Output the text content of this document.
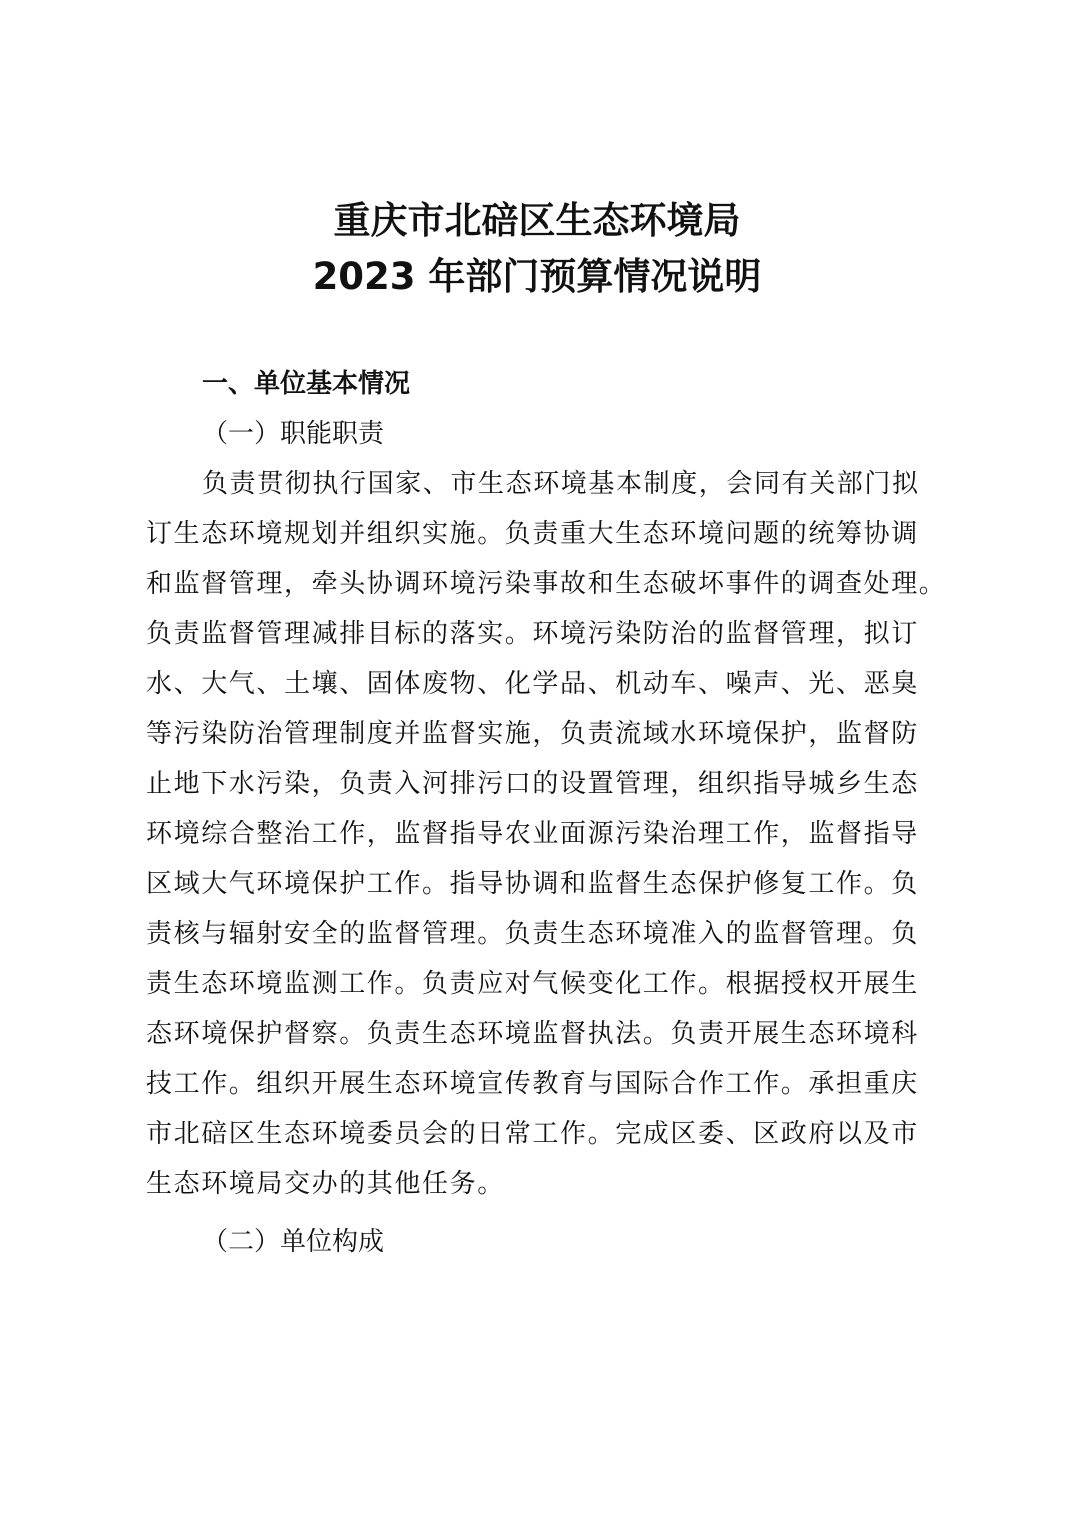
重庆市北碚区生态环境局
2023 年部门预算情况说明
一、单位基本情况
（一）职能职责
负责贯彻执行国家、市生态环境基本制度，会同有关部门拟
订生态环境规划并组织实施。负责重大生态环境问题的统筹协调
和监督管理，牵头协调环境污染事故和生态破坏事件的调查处理。
负责监督管理减排目标的落实。环境污染防治的监督管理，拟订
水、大气、土壤、固体废物、化学品、机动车、噪声、光、恶臭
等污染防治管理制度并监督实施，负责流域水环境保护，监督防
止地下水污染，负责入河排污口的设置管理，组织指导城乡生态
环境综合整治工作，监督指导农业面源污染治理工作，监督指导
区域大气环境保护工作。指导协调和监督生态保护修复工作。负
责核与辐射安全的监督管理。负责生态环境准入的监督管理。负
责生态环境监测工作。负责应对气候变化工作。根据授权开展生
态环境保护督察。负责生态环境监督执法。负责开展生态环境科
技工作。组织开展生态环境宣传教育与国际合作工作。承担重庆
市北碚区生态环境委员会的日常工作。完成区委、区政府以及市
生态环境局交办的其他任务。
（二）单位构成
